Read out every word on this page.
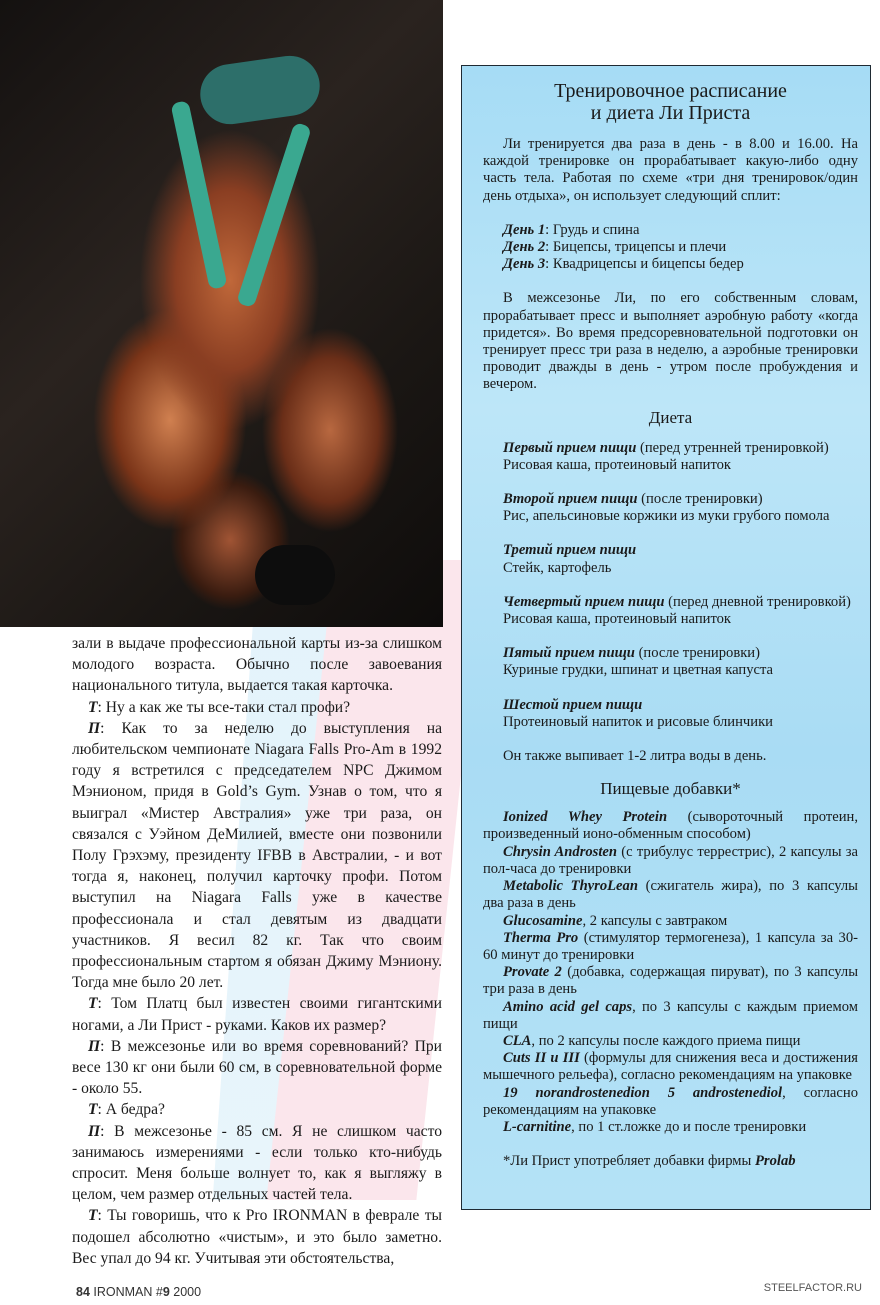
зали в выдаче профессиональной карты из-за слишком молодого возраста. Обычно после завоевания национального титула, выдается такая карточка.

Т: Ну а как же ты все-таки стал профи?

П: Как то за неделю до выступления на любительском чемпионате Niagara Falls Pro-Am в 1992 году я встретился с председателем NPC Джимом Мэнионом, придя в Gold’s Gym. Узнав о том, что я выиграл «Мистер Австралия» уже три раза, он связался с Уэйном ДеМилией, вместе они позвонили Полу Грэхэму, президенту IFBB в Австралии, - и вот тогда я, наконец, получил карточку профи. Потом выступил на Niagara Falls уже в качестве профессионала и стал девятым из двадцати участников. Я весил 82 кг. Так что своим профессиональным стартом я обязан Джиму Мэниону. Тогда мне было 20 лет.

Т: Том Платц был известен своими гигантскими ногами, а Ли Прист - руками. Каков их размер?

П: В межсезонье или во время соревнований? При весе 130 кг они были 60 см, в соревновательной форме - около 55.

Т: А бедра?

П: В межсезонье - 85 см. Я не слишком часто занимаюсь измерениями - если только кто-нибудь спросит. Меня больше волнует то, как я выгляжу в целом, чем размер отдельных частей тела.

Т: Ты говоришь, что к Pro IRONMAN в феврале ты подошел абсолютно «чистым», и это было заметно. Вес упал до 94 кг. Учитывая эти обстоятельства,

Тренировочное расписание
и диета Ли Приста

Ли тренируется два раза в день - в 8.00 и 16.00. На каждой тренировке он прорабатывает какую-либо одну часть тела. Работая по схеме «три дня тренировок/один день отдыха», он использует следующий сплит:

День 1: Грудь и спина

День 2: Бицепсы, трицепсы и плечи

День 3: Квадрицепсы и бицепсы бедер

В межсезонье Ли, по его собственным словам, прорабатывает пресс и выполняет аэробную работу «когда придется». Во время предсоревновательной подготовки он тренирует пресс три раза в неделю, а аэробные тренировки проводит дважды в день - утром после пробуждения и вечером.

Диета

Первый прием пищи (перед утренней тренировкой)

Рисовая каша, протеиновый напиток

Второй прием пищи (после тренировки)

Рис, апельсиновые коржики из муки грубого помола

Третий прием пищи

Стейк, картофель

Четвертый прием пищи (перед дневной тренировкой)

Рисовая каша, протеиновый напиток

Пятый прием пищи (после тренировки)

Куриные грудки, шпинат и цветная капуста

Шестой прием пищи

Протеиновый напиток и рисовые блинчики

Он также выпивает 1-2 литра воды в день.

Пищевые добавки*

Ionized Whey Protein (сывороточный протеин, произведенный ионо-обменным способом)

Chrysin Androsten (с трибулус террестрис), 2 капсулы за пол-часа до тренировки

Metabolic ThyroLean (сжигатель жира), по 3 капсулы два раза в день

Glucosamine, 2 капсулы с завтраком

Therma Pro (стимулятор термогенеза), 1 капсула за 30-60 минут до тренировки

Provate 2 (добавка, содержащая пируват), по 3 капсулы три раза в день

Amino acid gel caps, по 3 капсулы с каждым приемом пищи

CLA, по 2 капсулы после каждого приема пищи

Cuts II и III (формулы для снижения веса и достижения мышечного рельефа), согласно рекомендациям на упаковке

19 norandrostenedion 5 androstenediol, согласно рекомендациям на упаковке

L-carnitine, по 1 ст.ложке до и после тренировки

*Ли Прист употребляет добавки фирмы Prolab

84 IRONMAN #9 2000	STEELFACTOR.RU
